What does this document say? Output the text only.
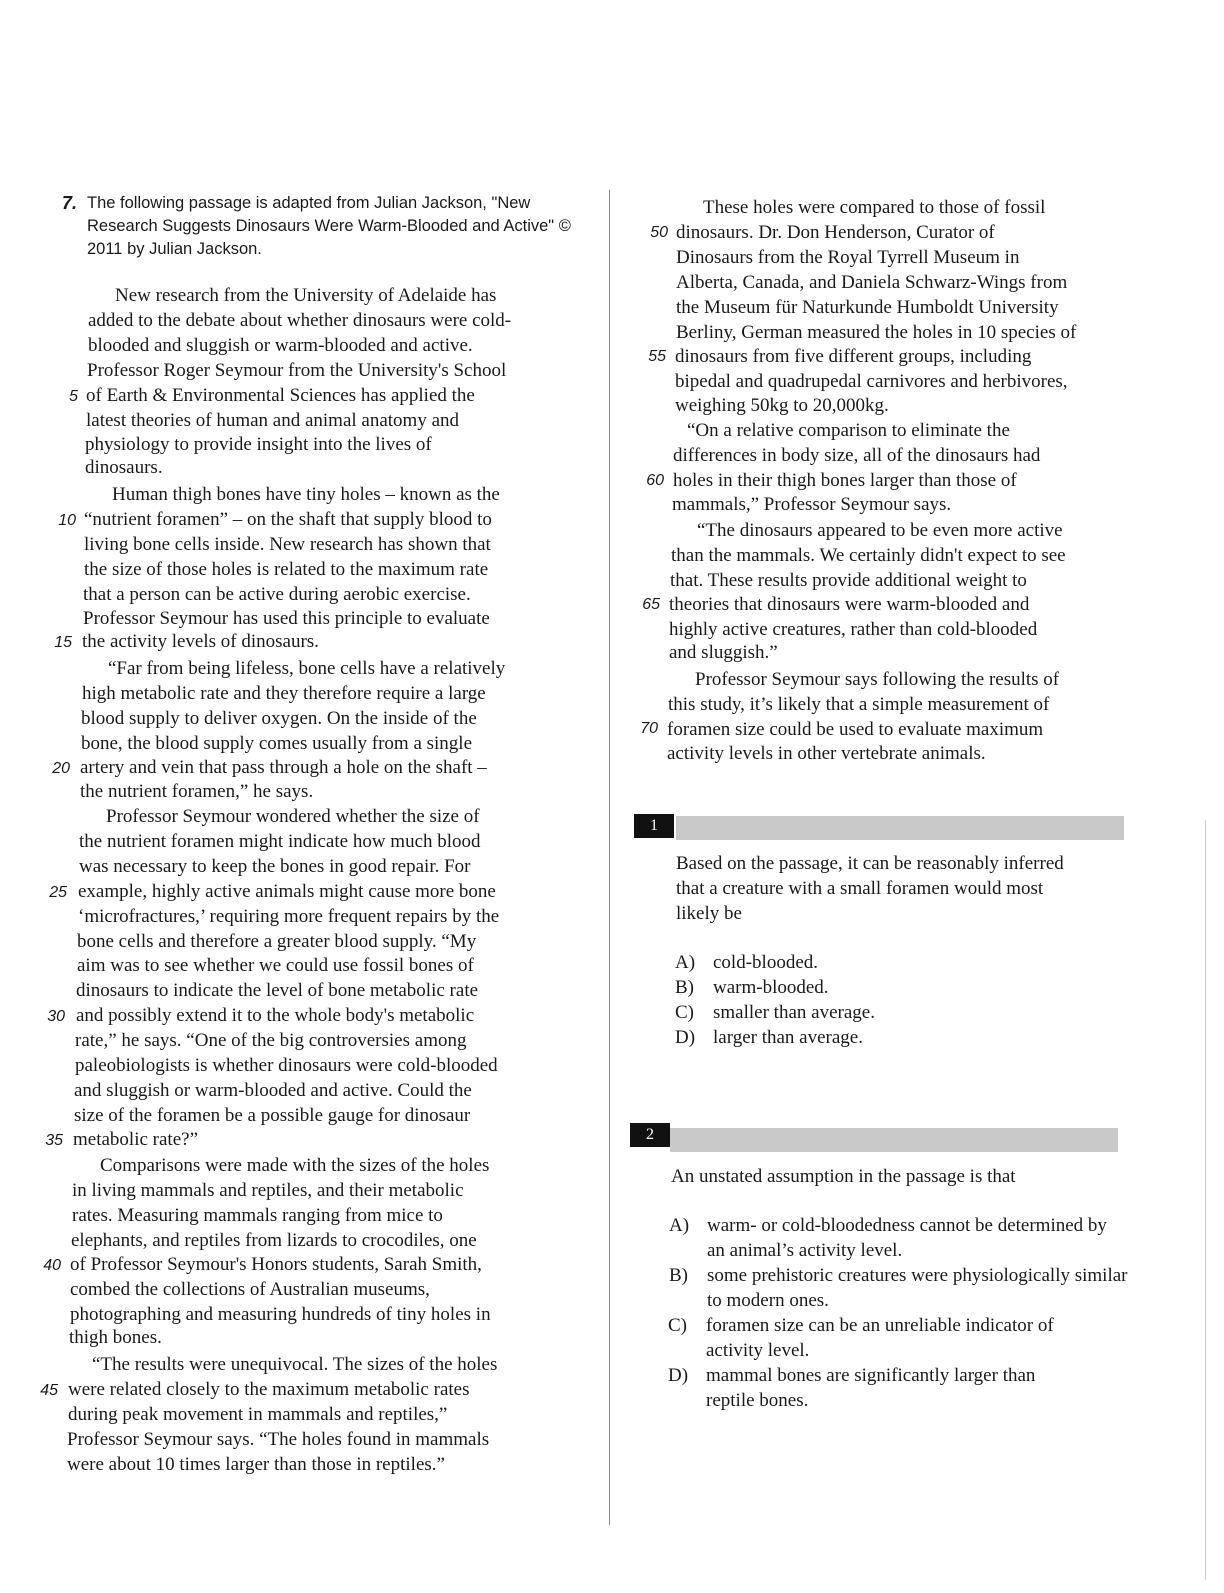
7. The following passage is adapted from Julian Jackson, "New Research Suggests Dinosaurs Were Warm-Blooded and Active" © 2011 by Julian Jackson.
New research from the University of Adelaide has
added to the debate about whether dinosaurs were cold-
blooded and sluggish or warm-blooded and active.
Professor Roger Seymour from the University's School
of Earth & Environmental Sciences has applied the
latest theories of human and animal anatomy and
physiology to provide insight into the lives of
dinosaurs.
Human thigh bones have tiny holes – known as the
“nutrient foramen” – on the shaft that supply blood to
living bone cells inside. New research has shown that
the size of those holes is related to the maximum rate
that a person can be active during aerobic exercise.
Professor Seymour has used this principle to evaluate
the activity levels of dinosaurs.
“Far from being lifeless, bone cells have a relatively
high metabolic rate and they therefore require a large
blood supply to deliver oxygen. On the inside of the
bone, the blood supply comes usually from a single
artery and vein that pass through a hole on the shaft –
the nutrient foramen,” he says.
Professor Seymour wondered whether the size of
the nutrient foramen might indicate how much blood
was necessary to keep the bones in good repair. For
example, highly active animals might cause more bone
‘microfractures,’ requiring more frequent repairs by the
bone cells and therefore a greater blood supply. “My
aim was to see whether we could use fossil bones of
dinosaurs to indicate the level of bone metabolic rate
and possibly extend it to the whole body's metabolic
rate,” he says. “One of the big controversies among
paleobiologists is whether dinosaurs were cold-blooded
and sluggish or warm-blooded and active. Could the
size of the foramen be a possible gauge for dinosaur
metabolic rate?”
Comparisons were made with the sizes of the holes
in living mammals and reptiles, and their metabolic
rates. Measuring mammals ranging from mice to
elephants, and reptiles from lizards to crocodiles, one
of Professor Seymour's Honors students, Sarah Smith,
combed the collections of Australian museums,
photographing and measuring hundreds of tiny holes in
thigh bones.
“The results were unequivocal. The sizes of the holes
were related closely to the maximum metabolic rates
during peak movement in mammals and reptiles,”
Professor Seymour says. “The holes found in mammals
were about 10 times larger than those in reptiles.”
5
10
15
20
25
30
35
40
45
These holes were compared to those of fossil
dinosaurs. Dr. Don Henderson, Curator of
Dinosaurs from the Royal Tyrrell Museum in
Alberta, Canada, and Daniela Schwarz-Wings from
the Museum für Naturkunde Humboldt University
Berliny, German measured the holes in 10 species of
dinosaurs from five different groups, including
bipedal and quadrupedal carnivores and herbivores,
weighing 50kg to 20,000kg.
“On a relative comparison to eliminate the
differences in body size, all of the dinosaurs had
holes in their thigh bones larger than those of
mammals,” Professor Seymour says.
“The dinosaurs appeared to be even more active
than the mammals. We certainly didn't expect to see
that. These results provide additional weight to
theories that dinosaurs were warm-blooded and
highly active creatures, rather than cold-blooded
and sluggish.”
Professor Seymour says following the results of
this study, it’s likely that a simple measurement of
foramen size could be used to evaluate maximum
activity levels in other vertebrate animals.
50
55
60
65
70
1
Based on the passage, it can be reasonably inferred that a creature with a small foramen would most likely be
A) cold-blooded.
B) warm-blooded.
C) smaller than average.
D) larger than average.
2
An unstated assumption in the passage is that
A) warm- or cold-bloodedness cannot be determined by an animal’s activity level.
B) some prehistoric creatures were physiologically similar to modern ones.
C) foramen size can be an unreliable indicator of activity level.
D) mammal bones are significantly larger than reptile bones.
